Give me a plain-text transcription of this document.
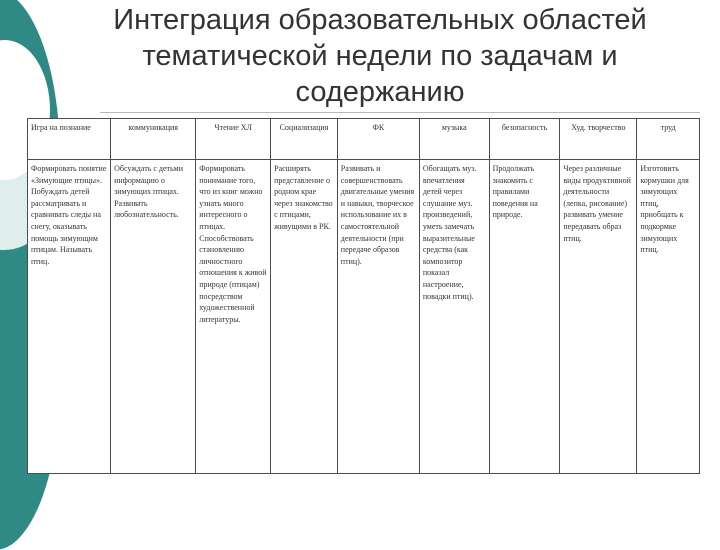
Интеграция образовательных областей
тематической недели по задачам и
содержанию
Игра на познание	коммуникация	Чтение ХЛ	Социализация	ФК	музыка	безопасность	Худ. творчество	труд
Формировать понятие «Зимующие птицы». Побуждать детей рассматривать и сравнивать следы на снегу, оказывать помощь зимующим птицам. Называть птиц.	Обсуждать с детьми информацию о зимующих птицах. Развивать любознательность.	Формировать понимание того, что из книг можно узнать много интересного о птицах. Способствовать становлению личностного отношения к живой природе (птицам) посредством художественной литературы.	Расширять представление о родном крае через знакомство с птицами, живущими в РК.	Развивать и совершенствовать двигательные умения и навыки, творческое использование их в самостоятельной деятельности (при передаче образов птиц).	Обогащать муз. впечатления детей через слушание муз. произведений, уметь замечать выразительные средства (как композитор показал настроение, повадки птиц).	Продолжать знакомить с правилами поведения на природе.	Через различные виды продуктивной деятельности (лепка, рисование) развивать умение передавать образ птиц.	Изготовить кормушки для зимующих птиц, приобщать к подкормке зимующих птиц.
